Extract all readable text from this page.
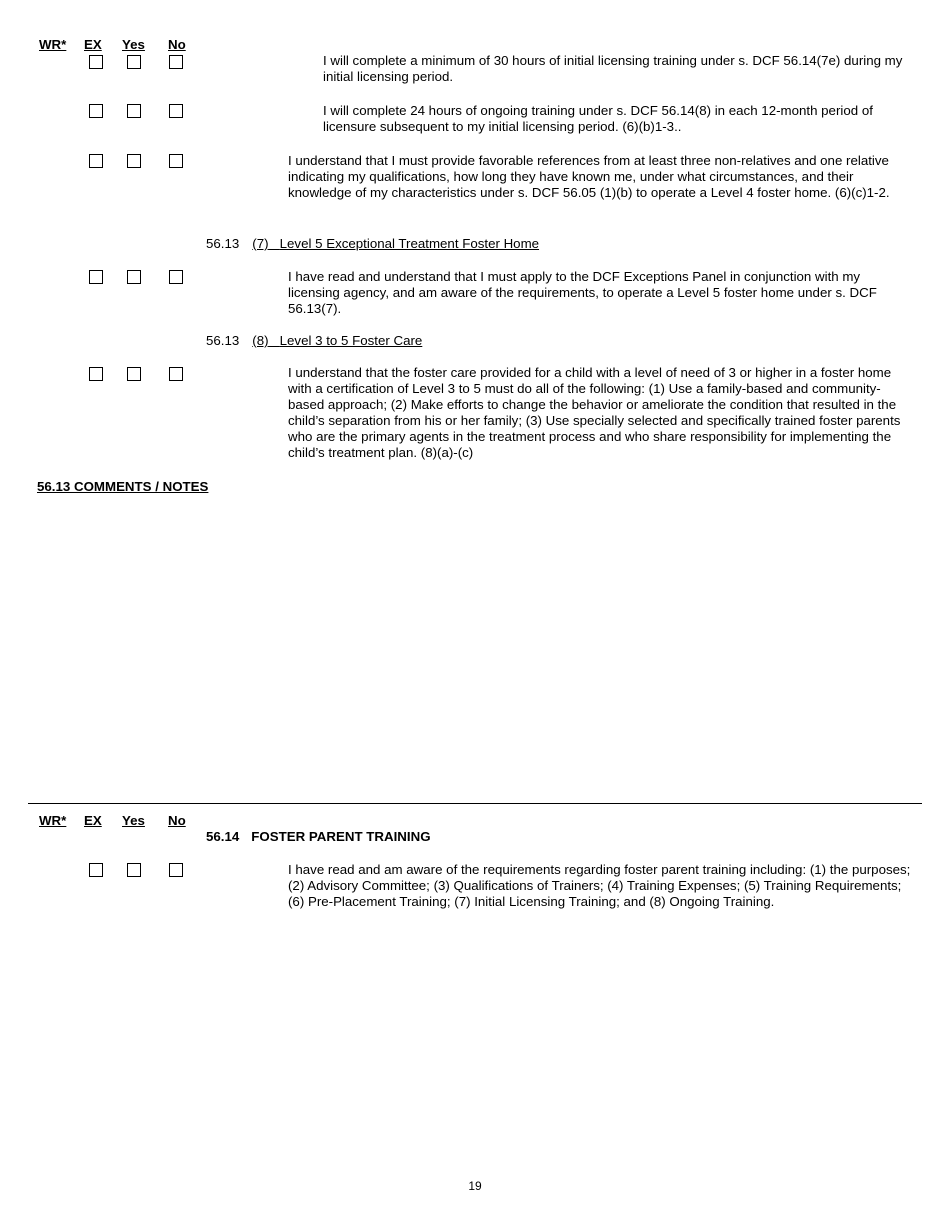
WR* EX Yes No
I will complete a minimum of 30 hours of initial licensing training under s. DCF 56.14(7e) during my initial licensing period.
I will complete 24 hours of ongoing training under s. DCF 56.14(8) in each 12-month period of licensure subsequent to my initial licensing period. (6)(b)1-3..
I understand that I must provide favorable references from at least three non-relatives and one relative indicating my qualifications, how long they have known me, under what circumstances, and their knowledge of my characteristics under s. DCF 56.05 (1)(b) to operate a Level 4 foster home. (6)(c)1-2.
56.13 (7) Level 5 Exceptional Treatment Foster Home
I have read and understand that I must apply to the DCF Exceptions Panel in conjunction with my licensing agency, and am aware of the requirements, to operate a Level 5 foster home under s. DCF 56.13(7).
56.13 (8) Level 3 to 5 Foster Care
I understand that the foster care provided for a child with a level of need of 3 or higher in a foster home with a certification of Level 3 to 5 must do all of the following: (1) Use a family-based and community-based approach; (2) Make efforts to change the behavior or ameliorate the condition that resulted in the child’s separation from his or her family; (3) Use specially selected and specifically trained foster parents who are the primary agents in the treatment process and who share responsibility for implementing the child’s treatment plan. (8)(a)-(c)
56.13 COMMENTS / NOTES
WR* EX Yes No
56.14 FOSTER PARENT TRAINING
I have read and am aware of the requirements regarding foster parent training including: (1) the purposes; (2) Advisory Committee; (3) Qualifications of Trainers; (4) Training Expenses; (5) Training Requirements; (6) Pre-Placement Training; (7) Initial Licensing Training; and (8) Ongoing Training.
19
